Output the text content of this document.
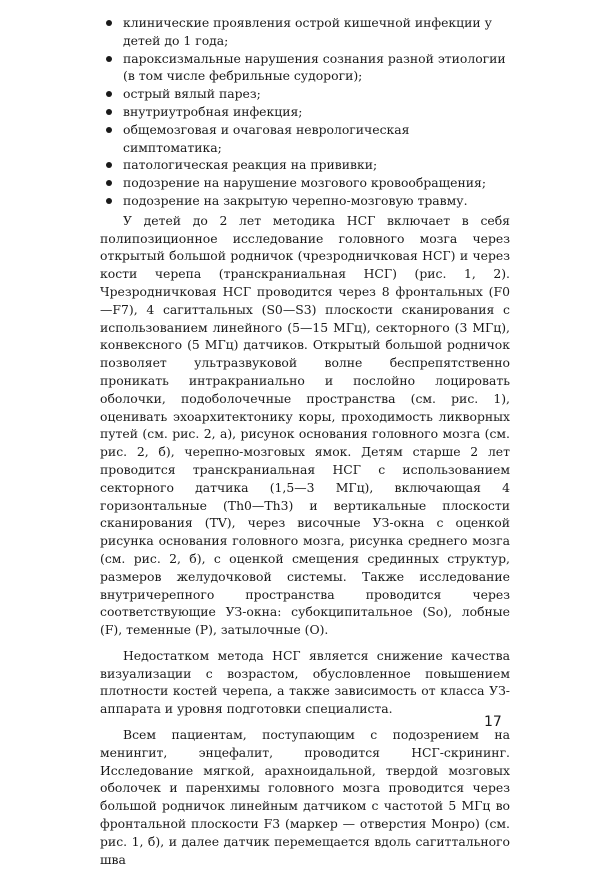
клинические проявления острой кишечной инфекции у детей до 1 года;
пароксизмальные нарушения сознания разной этиологии (в том числе фебрильные судороги);
острый вялый парез;
внутриутробная инфекция;
общемозговая и очаговая неврологическая симптоматика;
патологическая реакция на прививки;
подозрение на нарушение мозгового кровообращения;
подозрение на закрытую черепно-мозговую травму.

У детей до 2 лет методика НСГ включает в себя полипозиционное исследование головного мозга через открытый большой родничок (чрезродничковая НСГ) и через кости черепа (транскраниальная НСГ) (рис. 1, 2). Чрезродничковая НСГ проводится через 8 фронтальных (F0—F7), 4 сагиттальных (S0—S3) плоскости сканирования с использованием линейного (5—15 МГц), секторного (3 МГц), конвексного (5 МГц) датчиков. Открытый большой родничок позволяет ультразвуковой волне беспрепятственно проникать интракраниально и послойно лоцировать оболочки, подоболочечные пространства (см. рис. 1), оценивать эхоархитектонику коры, проходимость ликворных путей (см. рис. 2, а), рисунок основания головного мозга (см. рис. 2, б), черепно-мозговых ямок. Детям старше 2 лет проводится транскраниальная НСГ с использованием секторного датчика (1,5—3 МГц), включающая 4 горизонтальные (Th0—Th3) и вертикальные плоскости сканирования (TV), через височные УЗ-окна с оценкой рисунка основания головного мозга, рисунка среднего мозга (см. рис. 2, б), с оценкой смещения срединных структур, размеров желудочковой системы. Также исследование внутричерепного пространства проводится через соответствующие УЗ-окна: субокципитальное (So), лобные (F), теменные (P), затылочные (O).

Недостатком метода НСГ является снижение качества визуализации с возрастом, обусловленное повышением плотности костей черепа, а также зависимость от класса УЗ-аппарата и уровня подготовки специалиста.

Всем пациентам, поступающим с подозрением на менингит, энцефалит, проводится НСГ-скрининг. Исследование мягкой, арахноидальной, твердой мозговых оболочек и паренхимы головного мозга проводится через большой родничок линейным датчиком с частотой 5 МГц во фронтальной плоскости F3 (маркер — отверстия Монро) (см. рис. 1, б), и далее датчик перемещается вдоль сагиттального шва

17
